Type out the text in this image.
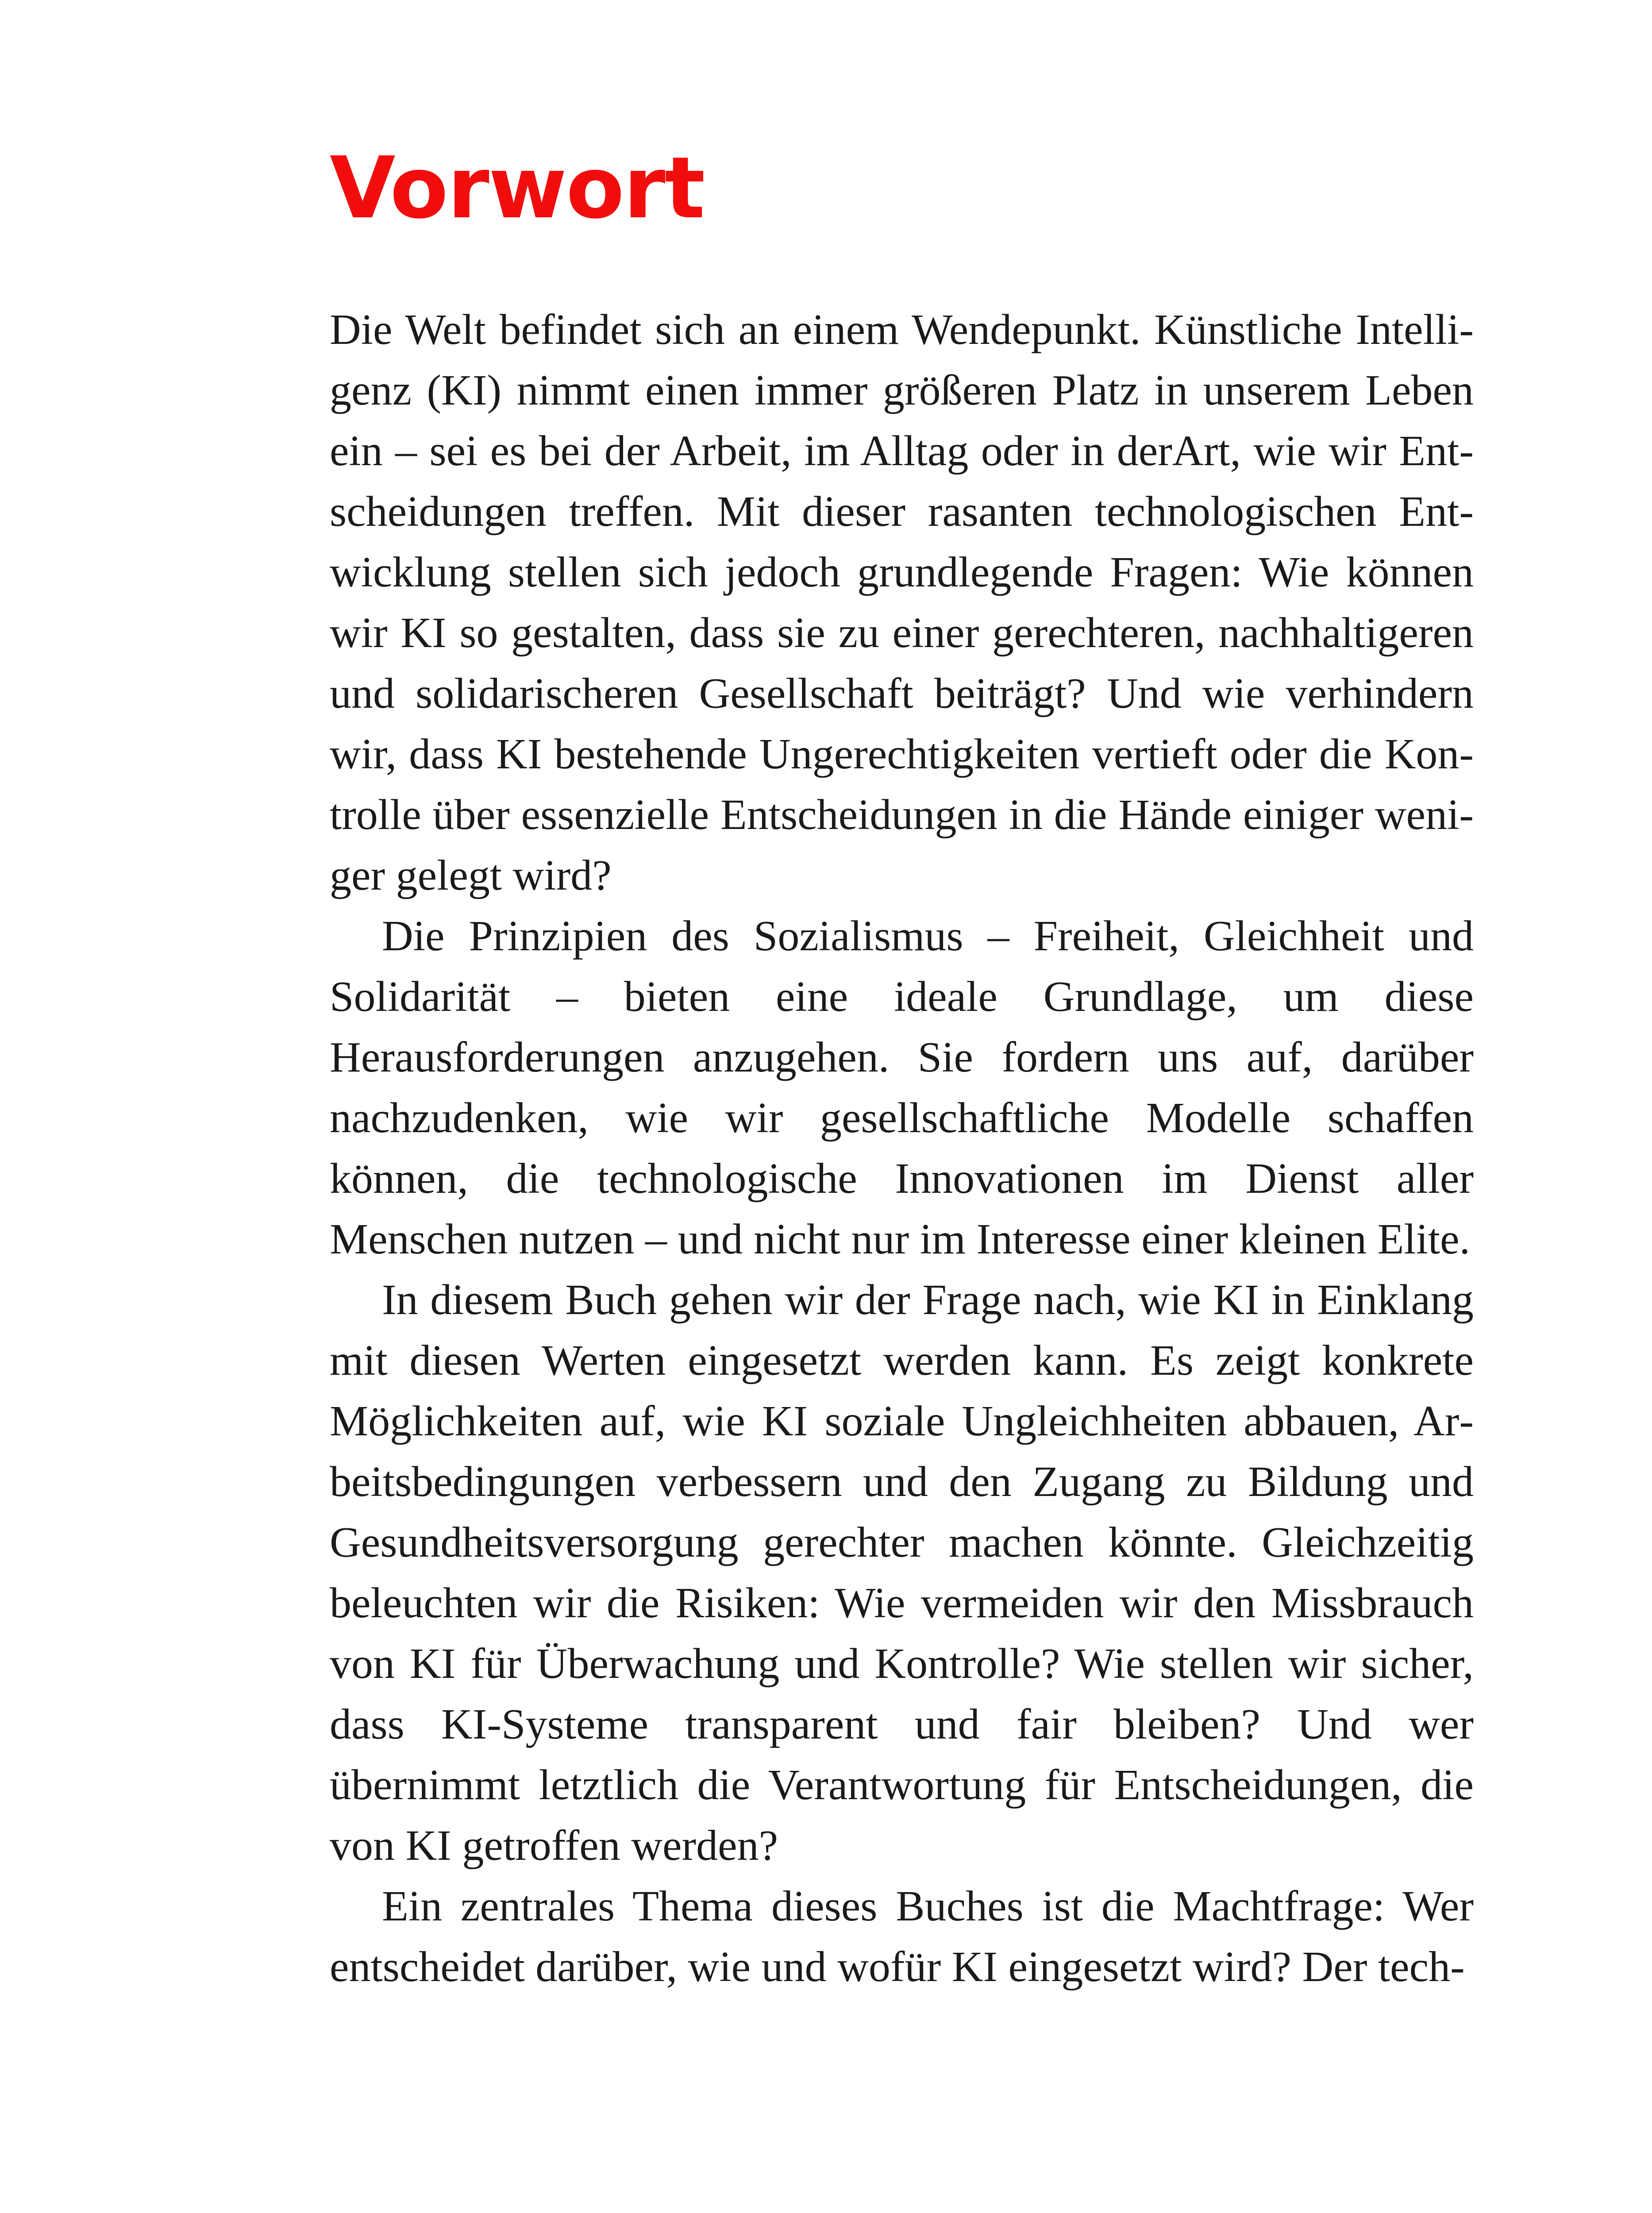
Vorwort

Die Welt befindet sich an einem Wendepunkt. Künstliche Intelligenz (KI) nimmt einen immer größeren Platz in unserem Leben ein – sei es bei der Arbeit, im Alltag oder in derArt, wie wir Entscheidungen treffen. Mit dieser rasanten technologischen Entwicklung stellen sich jedoch grundlegende Fragen: Wie können wir KI so gestalten, dass sie zu einer gerechteren, nachhaltigeren und solidarischeren Gesellschaft beiträgt? Und wie verhindern wir, dass KI bestehende Ungerechtigkeiten vertieft oder die Kontrolle über essenzielle Entscheidungen in die Hände einiger weniger gelegt wird?

Die Prinzipien des Sozialismus – Freiheit, Gleichheit und Solidarität – bieten eine ideale Grundlage, um diese Herausforderungen anzugehen. Sie fordern uns auf, darüber nachzudenken, wie wir gesellschaftliche Modelle schaffen können, die technologische Innovationen im Dienst aller Menschen nutzen – und nicht nur im Interesse einer kleinen Elite.

In diesem Buch gehen wir der Frage nach, wie KI in Einklang mit diesen Werten eingesetzt werden kann. Es zeigt konkrete Möglichkeiten auf, wie KI soziale Ungleichheiten abbauen, Arbeitsbedingungen verbessern und den Zugang zu Bildung und Gesundheitsversorgung gerechter machen könnte. Gleichzeitig beleuchten wir die Risiken: Wie vermeiden wir den Missbrauch von KI für Überwachung und Kontrolle? Wie stellen wir sicher, dass KI-Systeme transparent und fair bleiben? Und wer übernimmt letztlich die Verantwortung für Entscheidungen, die von KI getroffen werden?

Ein zentrales Thema dieses Buches ist die Machtfrage: Wer entscheidet darüber, wie und wofür KI eingesetzt wird? Der tech-
